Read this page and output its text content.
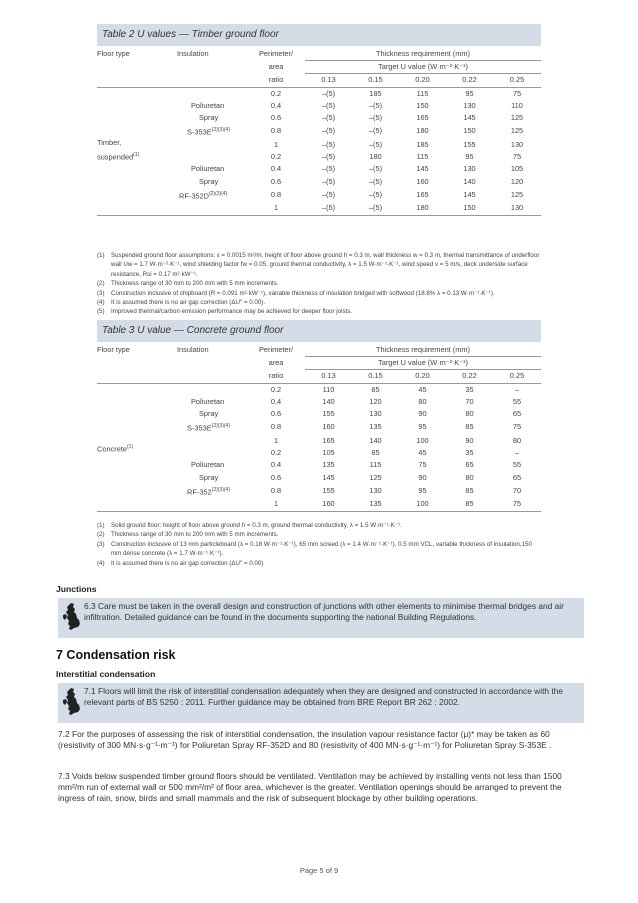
Table 2 U values — Timber ground floor
Floor type	Insulation	Perimeter/	Thickness requirement (mm)				
		area	Target U value (W·m⁻² K⁻¹)				
		ratio	0.13	0.15	0.20	0.22	0.25
		0.2	–(5)	185	115	95	75
	Poliuretan	0.4	–(5)	–(5)	150	130	110
	Spray	0.6	–(5)	–(5)	165	145	125
	$S-353E^{(2)(3)(4)}$	0.8	–(5)	–(5)	180	150	125
		1	–(5)	–(5)	185	155	130

Timber,
suspended$^{(1)}$		0.2	–(5)	180	115	95	75
	Poliuretan	0.4	–(5)	–(5)	145	130	105
	Spray	0.6	–(5)	–(5)	160	140	120
	$RF-352D^{(2)(3)(4)}$	0.8	–(5)	–(5)	165	145	125
		1	–(5)	–(5)	180	150	130
(1)	Suspended ground floor assumptions: ε = 0.0015 m²/m, height of floor above ground h = 0.3 m, wall thickness w = 0.3 m, thermal transmittance of underfloor wall Uw = 1.7 W·m⁻²·K⁻¹, wind shielding factor fw = 0.05, ground thermal conductivity, λ = 1.5 W·m⁻¹·K⁻¹, wind speed v = 5 m/s, deck underside surface resistance, Rsi = 0.17 m²·kW⁻¹.
(2)	Thickness range of 30 mm to 200 mm with 5 mm increments.
(3)	Construction inclusive of chipboard (R = 0.091 m²·kW⁻¹), variable thickness of insulation bridged with softwood (18.8% λ = 0.13 W·m⁻¹·K⁻¹).
(4)	It is assumed there is no air gap correction (ΔU″ = 0.00).
(5)	Improved thermal/carbon emission performance may be achieved for deeper floor joists.
Table 3 U value — Concrete ground floor
Floor type	Insulation	Perimeter/	Thickness requirement (mm)				
		area	Target U value (W·m⁻² K⁻¹)				
		ratio	0.13	0.15	0.20	0.22	0.25
		0.2	110	85	45	35	–
	Poliuretan	0.4	140	120	80	70	55
	Spray	0.6	155	130	90	80	65
	$S-353E^{(2)(3)(4)}$	0.8	160	135	95	85	75
		1	165	140	100	90	80

Concrete$^{(1)}$		0.2	105	85	45	35	–
	Poliuretan	0.4	135	115	75	65	55
	Spray	0.6	145	125	90	80	65
	$RF-352^{(2)(3)(4)}$	0.8	155	130	95	85	70
		1	160	135	100	85	75
(1)	Solid ground floor: height of floor above ground h = 0.3 m, ground thermal conductivity, λ = 1.5 W·m⁻¹·K⁻¹.
(2)	Thickness range of 30 mm to 200 mm with 5 mm increments.
(3)	Construction inclusive of 13 mm particleboard (λ = 0.18 W·m⁻¹·K⁻¹), 65 mm screed (λ = 1.4 W·m⁻¹·K⁻¹), 0.5 mm VCL, variable thickness of insulation,150 mm dense concrete (λ = 1.7 W·m⁻¹·K⁻¹).
(4)	It is assumed there is no air gap correction (ΔU″ = 0.00)
Junctions
6.3 Care must be taken in the overall design and construction of junctions with other elements to minimise thermal bridges and air infiltration. Detailed guidance can be found in the documents supporting the national Building Regulations.
7 Condensation risk
Interstitial condensation
7.1 Floors will limit the risk of interstitial condensation adequately when they are designed and constructed in accordance with the relevant parts of BS 5250 : 2011. Further guidance may be obtained from BRE Report BR 262 : 2002.
7.2 For the purposes of assessing the risk of interstitial condensation, the insulation vapour resistance factor (μ)* may be taken as 60 (resistivity of 300 MN·s·g⁻¹·m⁻¹) for Poliuretan Spray RF-352D and 80 (resistivity of 400 MN·s·g⁻¹·m⁻¹) for Poliuretan Spray S-353E .
7.3 Voids below suspended timber ground floors should be ventilated. Ventilation may be achieved by installing vents not less than 1500 mm²/m run of external wall or 500 mm²/m² of floor area, whichever is the greater. Ventilation openings should be arranged to prevent the ingress of rain, snow, birds and small mammals and the risk of subsequent blockage by other building operations.
Page 5 of 9
